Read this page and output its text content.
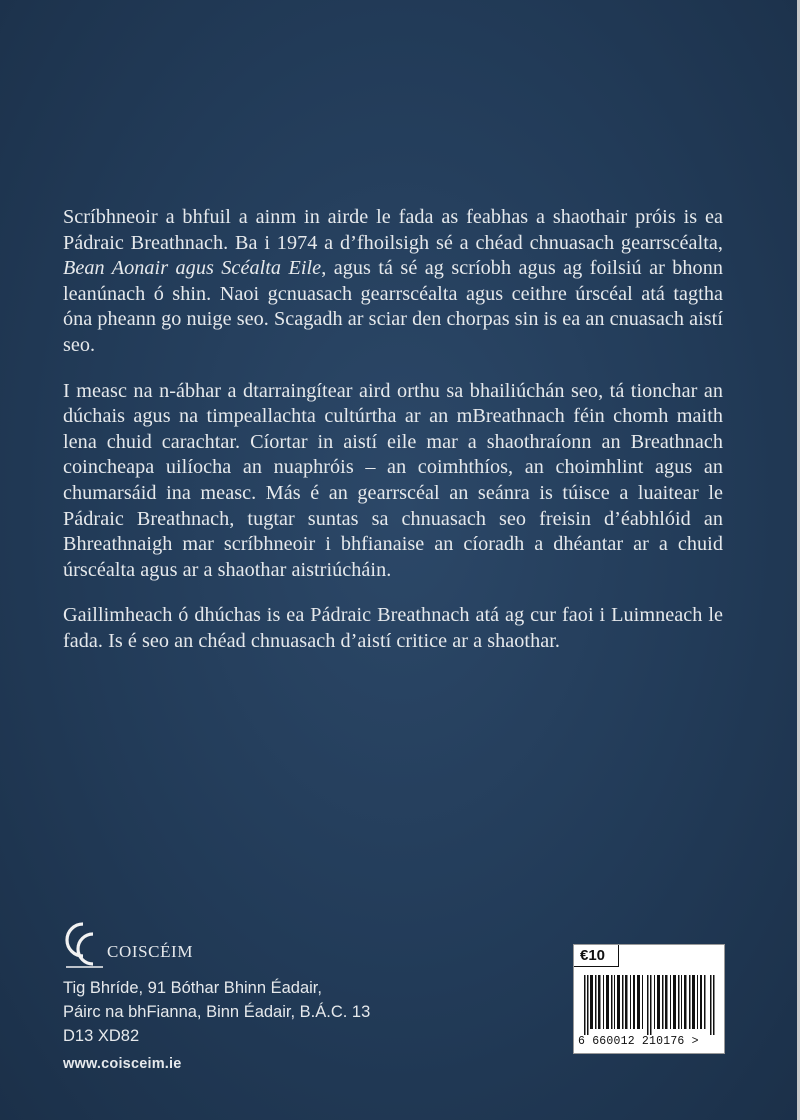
Scríbhneoir a bhfuil a ainm in airde le fada as feabhas a shaothair próis is ea Pádraic Breathnach. Ba i 1974 a d’fhoilsigh sé a chéad chnuasach gearrscéalta, Bean Aonair agus Scéalta Eile, agus tá sé ag scríobh agus ag foilsiú ar bhonn leanúnach ó shin. Naoi gcnuasach gearrscéalta agus ceithre úrscéal atá tagtha óna pheann go nuige seo. Scagadh ar sciar den chorpas sin is ea an cnuasach aistí seo.

I measc na n-ábhar a dtarraingítear aird orthu sa bhailiúchán seo, tá tionchar an dúchais agus na timpeallachta cultúrtha ar an mBreathnach féin chomh maith lena chuid carachtar. Cíortar in aistí eile mar a shaothraíonn an Breathnach coincheapa uilíocha an nuaphróis – an coimhthíos, an choimhlint agus an chumarsáid ina measc. Más é an gearrscéal an seánra is túisce a luaitear le Pádraic Breathnach, tugtar suntas sa chnuasach seo freisin d’éabhlóid an Bhreathnaigh mar scríbhneoir i bhfianaise an cíoradh a dhéantar ar a chuid úrscéalta agus ar a shaothar aistriúcháin.

Gaillimheach ó dhúchas is ea Pádraic Breathnach atá ag cur faoi i Luimneach le fada. Is é seo an chéad chnuasach d’aistí critice ar a shaothar.

COISCÉIM
Tig Bhríde, 91 Bóthar Bhinn Éadair,
Páirc na bhFianna, Binn Éadair, B.Á.C. 13
D13 XD82
www.coisceim.ie
€10
6 660012 210176 >
